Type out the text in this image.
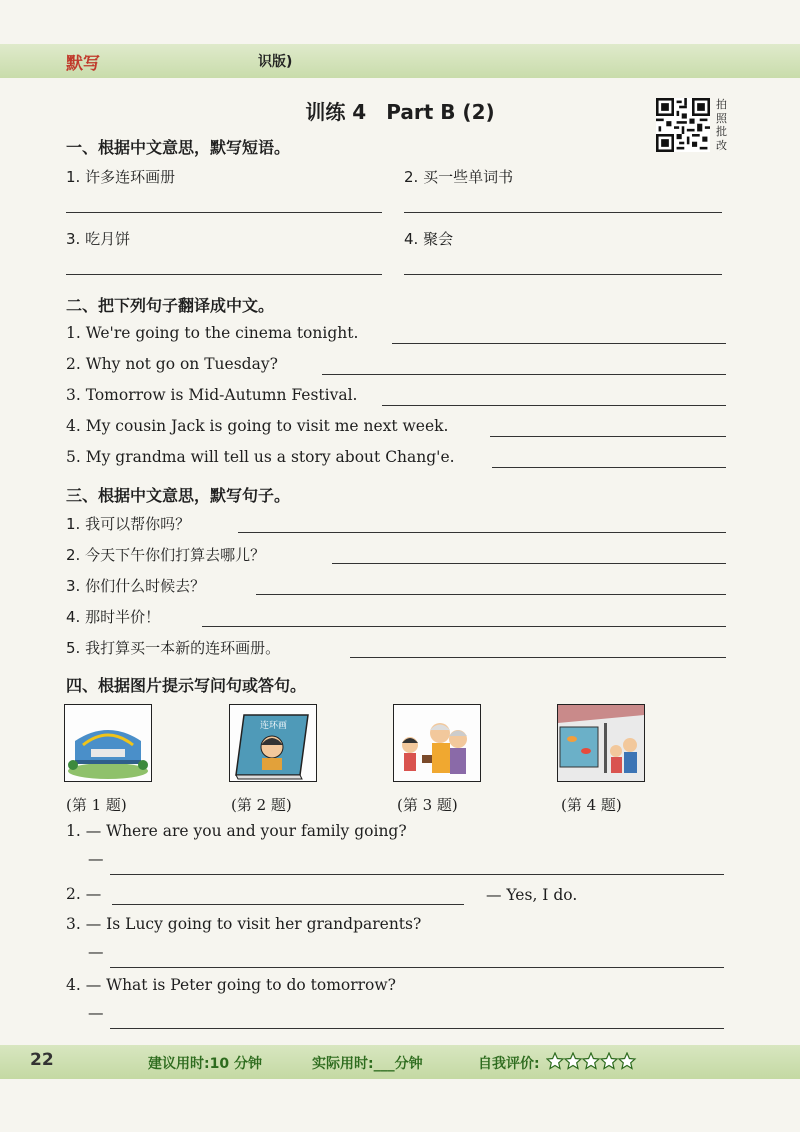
默写	识版)
训练 4　Part B (2)	拍照批改
一、根据中文意思，默写短语。
1. 许多连环画册	2. 买一些单词书
3. 吃月饼	4. 聚会
二、把下列句子翻译成中文。
1. We're going to the cinema tonight.
2. Why not go on Tuesday?
3. Tomorrow is Mid-Autumn Festival.
4. My cousin Jack is going to visit me next week.
5. My grandma will tell us a story about Chang'e.
三、根据中文意思，默写句子。
1. 我可以帮你吗？
2. 今天下午你们打算去哪儿？
3. 你们什么时候去？
4. 那时半价！
5. 我打算买一本新的连环画册。
四、根据图片提示写问句或答句。
连环画
(第 1 题)	(第 2 题)	(第 3 题)	(第 4 题)
1. — Where are you and your family going?
—
2. —	— Yes, I do.
3. — Is Lucy going to visit her grandparents?
—
4. — What is Peter going to do tomorrow?
—
22	建议用时:10 分钟	实际用时:___分钟	自我评价:
